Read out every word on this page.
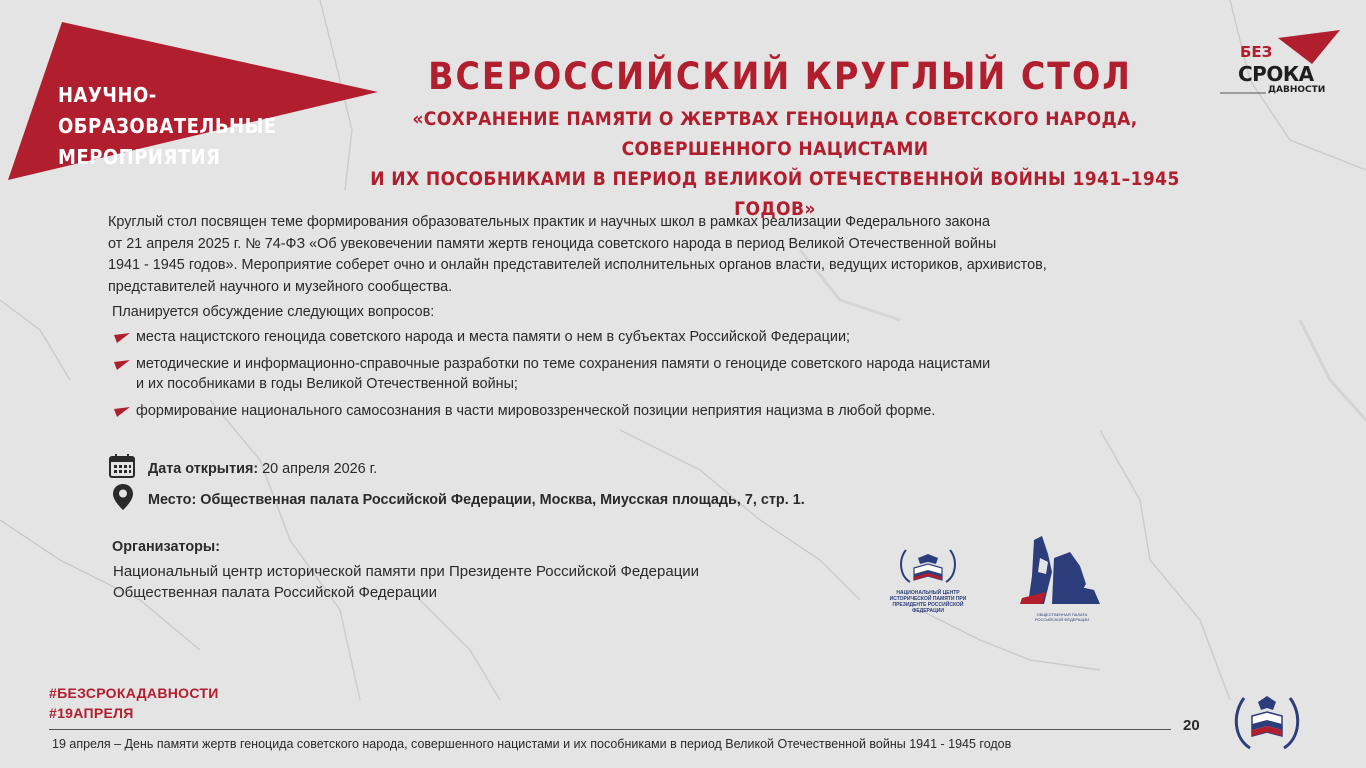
НАУЧНО-ОБРАЗОВАТЕЛЬНЫЕ
МЕРОПРИЯТИЯ
БЕЗ
СРОКА
ДАВНОСТИ
ВСЕРОССИЙСКИЙ КРУГЛЫЙ СТОЛ
«СОХРАНЕНИЕ ПАМЯТИ О ЖЕРТВАХ ГЕНОЦИДА СОВЕТСКОГО НАРОДА, СОВЕРШЕННОГО НАЦИСТАМИ
И ИХ ПОСОБНИКАМИ В ПЕРИОД ВЕЛИКОЙ ОТЕЧЕСТВЕННОЙ ВОЙНЫ 1941–1945 ГОДОВ»
Круглый стол посвящен теме формирования образовательных практик и научных школ в рамках реализации Федерального закона
от 21 апреля 2025 г. № 74-ФЗ «Об увековечении памяти жертв геноцида советского народа в период Великой Отечественной войны
1941 - 1945 годов». Мероприятие соберет очно и онлайн представителей исполнительных органов власти, ведущих историков, архивистов,
представителей научного и музейного сообщества.
Планируется обсуждение следующих вопросов:
места нацистского геноцида советского народа и места памяти о нем в субъектах Российской Федерации;
методические и информационно-справочные разработки по теме сохранения памяти о геноциде советского народа нацистами
и их пособниками в годы Великой Отечественной войны;
формирование национального самосознания в части мировоззренческой позиции неприятия нацизма в любой форме.
Дата открытия: 20 апреля 2026 г.
Место: Общественная палата Российской Федерации, Москва, Миусская площадь, 7, стр. 1.
Организаторы:
Национальный центр исторической памяти при Президенте Российской Федерации
Общественная палата Российской Федерации	НАЦИОНАЛЬНЫЙ ЦЕНТР ИСТОРИЧЕСКОЙ ПАМЯТИ ПРИ ПРЕЗИДЕНТЕ РОССИЙСКОЙ ФЕДЕРАЦИИ
ОБЩЕСТВЕННАЯ ПАЛАТА РОССИЙСКОЙ ФЕДЕРАЦИИ
#БЕЗСРОКАДАВНОСТИ
#19АПРЕЛЯ
19 апреля – День памяти жертв геноцида советского народа, совершенного нацистами и их пособниками в период Великой Отечественной войны 1941 - 1945 годов
20
